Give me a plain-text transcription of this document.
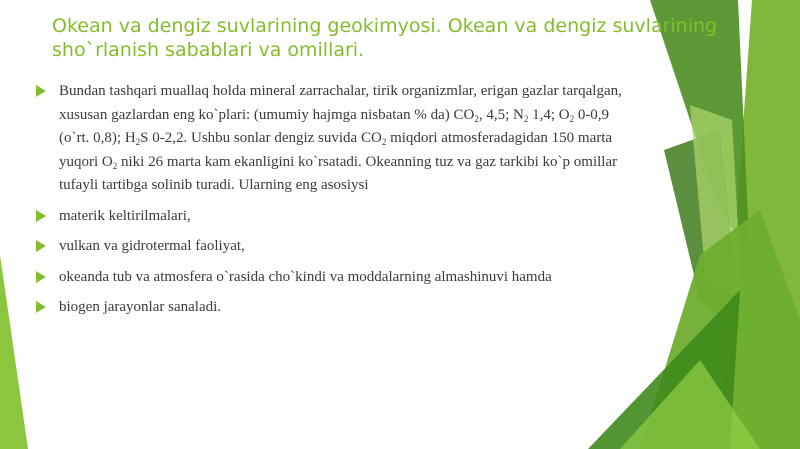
Okean va dengiz suvlarining geokimyosi. Okean va dengiz suvlarining
sho`rlanish sabablari va omillari.
Bundan tashqari muallaq holda mineral zarrachalar, tirik organizmlar, erigan gazlar tarqalgan,
xususan gazlardan eng ko`plari: (umumiy hajmga nisbatan % da) $CO_2$, 4,5; $N_2$ 1,4; $O_2$ 0-0,9
(o`rt. 0,8); $H_2S$ 0-2,2. Ushbu sonlar dengiz suvida $CO_2$ miqdori atmosferadagidan 150 marta
yuqori $O_2$ niki 26 marta kam ekanligini ko`rsatadi. Okeanning tuz va gaz tarkibi ko`p omillar
tufayli tartibga solinib turadi. Ularning eng asosiysi
materik keltirilmalari,
vulkan va gidrotermal faoliyat,
okeanda tub va atmosfera o`rasida cho`kindi va moddalarning almashinuvi hamda
biogen jarayonlar sanaladi.
